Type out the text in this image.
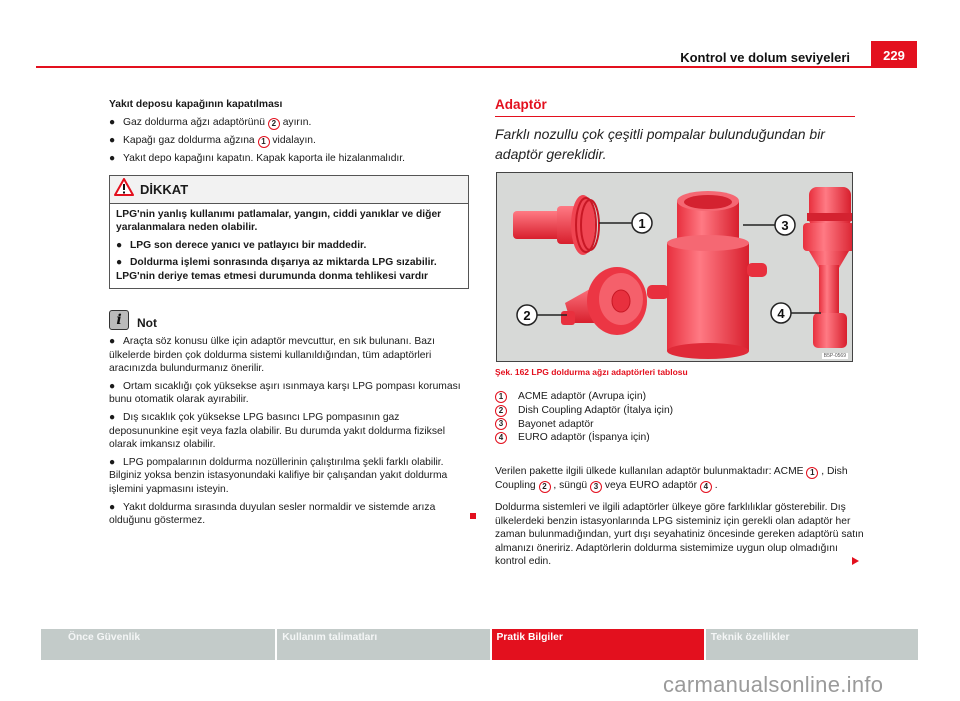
Kontrol ve dolum seviyeleri	229
Yakıt deposu kapağının kapatılması
● Gaz doldurma ağzı adaptörünü 2 ayırın.
● Kapağı gaz doldurma ağzına 1 vidalayın.
● Yakıt depo kapağını kapatın. Kapak kaporta ile hizalanmalıdır.
DİKKAT

LPG'nin yanlış kullanımı patlamalar, yangın, ciddi yanıklar ve diğer yaralanmalara neden olabilir.

● LPG son derece yanıcı ve patlayıcı bir maddedir.

● Doldurma işlemi sonrasında dışarıya az miktarda LPG sızabilir. LPG'nin deriye temas etmesi durumunda donma tehlikesi vardır

i	Not

● Araçta söz konusu ülke için adaptör mevcuttur, en sık bulunanı. Bazı ülkelerde birden çok doldurma sistemi kullanıldığından, tüm adaptörleri aracınızda bulundurmanız önerilir.

● Ortam sıcaklığı çok yüksekse aşırı ısınmaya karşı LPG pompası koruması bunu otomatik olarak ayırabilir.

● Dış sıcaklık çok yüksekse LPG basıncı LPG pompasının gaz deposununkine eşit veya fazla olabilir. Bu durumda yakıt doldurma fiziksel olarak imkansız olabilir.

● LPG pompalarının doldurma nozüllerinin çalıştırılma şekli farklı olabilir. Bilginiz yoksa benzin istasyonundaki kalifiye bir çalışandan yakıt doldurma işlemini yapmasını isteyin.

● Yakıt doldurma sırasında duyulan sesler normaldir ve sistemde arıza olduğunu göstermez.

Adaptör
Farklı nozullu çok çeşitli pompalar bulunduğundan bir adaptör gereklidir.
1
2
3
4
B5P-0569
Şek. 162 LPG doldurma ağzı adaptörleri tablosu
1	ACME adaptör (Avrupa için)
2	Dish Coupling Adaptör (İtalya için)
3	Bayonet adaptör
4	EURO adaptör (İspanya için)
Verilen pakette ilgili ülkede kullanılan adaptör bulunmaktadır: ACME 1 , Dish Coupling 2 , süngü 3 veya EURO adaptör 4 .
Doldurma sistemleri ve ilgili adaptörler ülkeye göre farklılıklar gösterebilir. Dış ülkelerdeki benzin istasyonlarında LPG sisteminiz için gerekli olan adaptör her zaman bulunmadığından, yurt dışı seyahatiniz öncesinde gereken adaptörü satın almanızı öneririz. Adaptörlerin doldurma sistemimize uygun olup olmadığını kontrol edin.
Önce Güvenlik	Kullanım talimatları	Pratik Bilgiler	Teknik özellikler
carmanualsonline.info
